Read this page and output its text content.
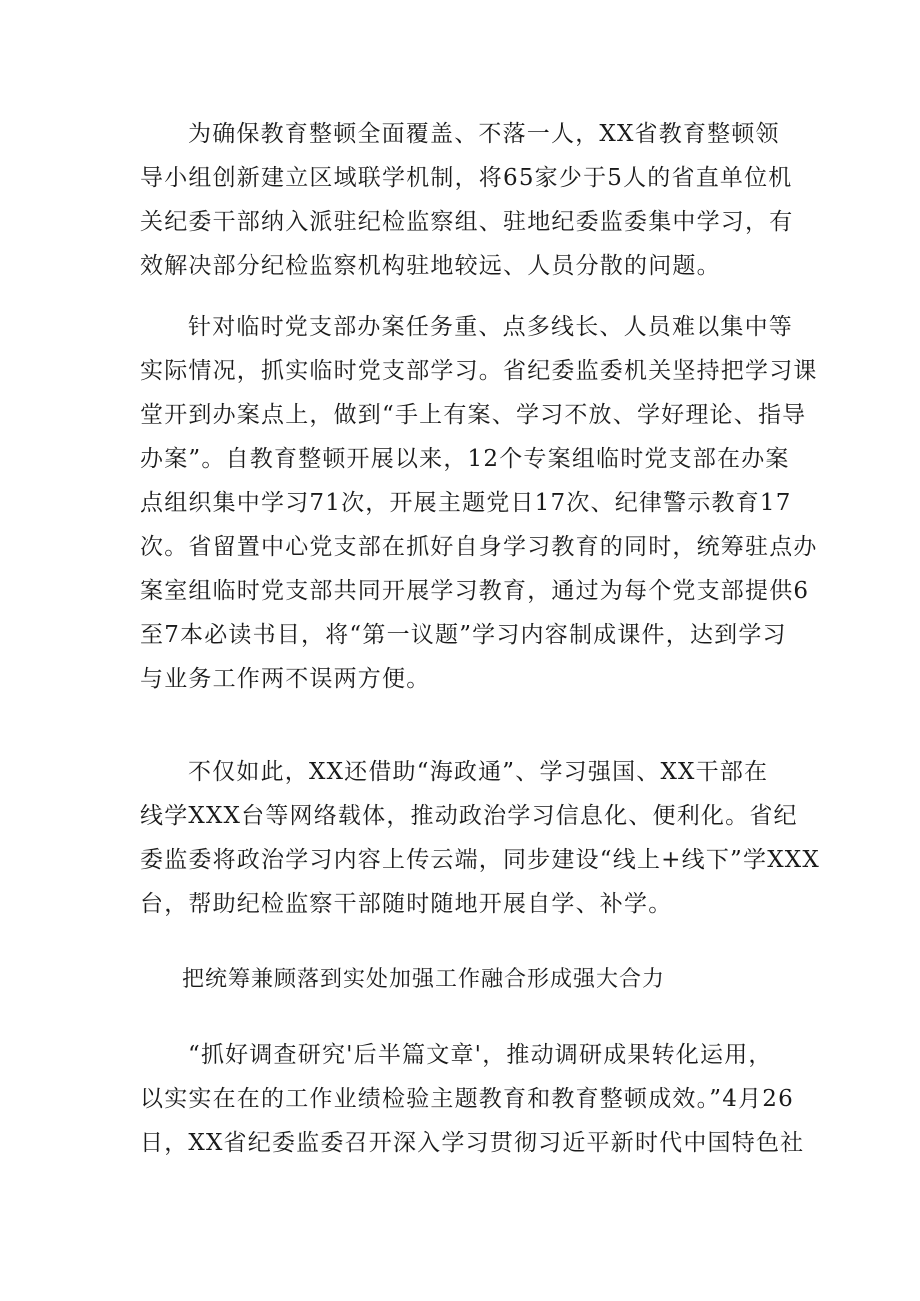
为确保教育整顿全面覆盖、不落一人，XX省教育整顿领
导小组创新建立区域联学机制，将65家少于5人的省直单位机
关纪委干部纳入派驻纪检监察组、驻地纪委监委集中学习，有
效解决部分纪检监察机构驻地较远、人员分散的问题。

针对临时党支部办案任务重、点多线长、人员难以集中等
实际情况，抓实临时党支部学习。省纪委监委机关坚持把学习课
堂开到办案点上，做到“手上有案、学习不放、学好理论、指导
办案”。自教育整顿开展以来，12个专案组临时党支部在办案
点组织集中学习71次，开展主题党日17次、纪律警示教育17
次。省留置中心党支部在抓好自身学习教育的同时，统筹驻点办
案室组临时党支部共同开展学习教育，通过为每个党支部提供6
至7本必读书目，将“第一议题”学习内容制成课件，达到学习
与业务工作两不误两方便。

不仅如此，XX还借助“海政通”、学习强国、XX干部在
线学XXX台等网络载体，推动政治学习信息化、便利化。省纪
委监委将政治学习内容上传云端，同步建设“线上+线下”学XXX
台，帮助纪检监察干部随时随地开展自学、补学。

把统筹兼顾落到实处加强工作融合形成强大合力

“抓好调查研究'后半篇文章'，推动调研成果转化运用，
以实实在在的工作业绩检验主题教育和教育整顿成效。”4月26
日，XX省纪委监委召开深入学习贯彻习近平新时代中国特色社
